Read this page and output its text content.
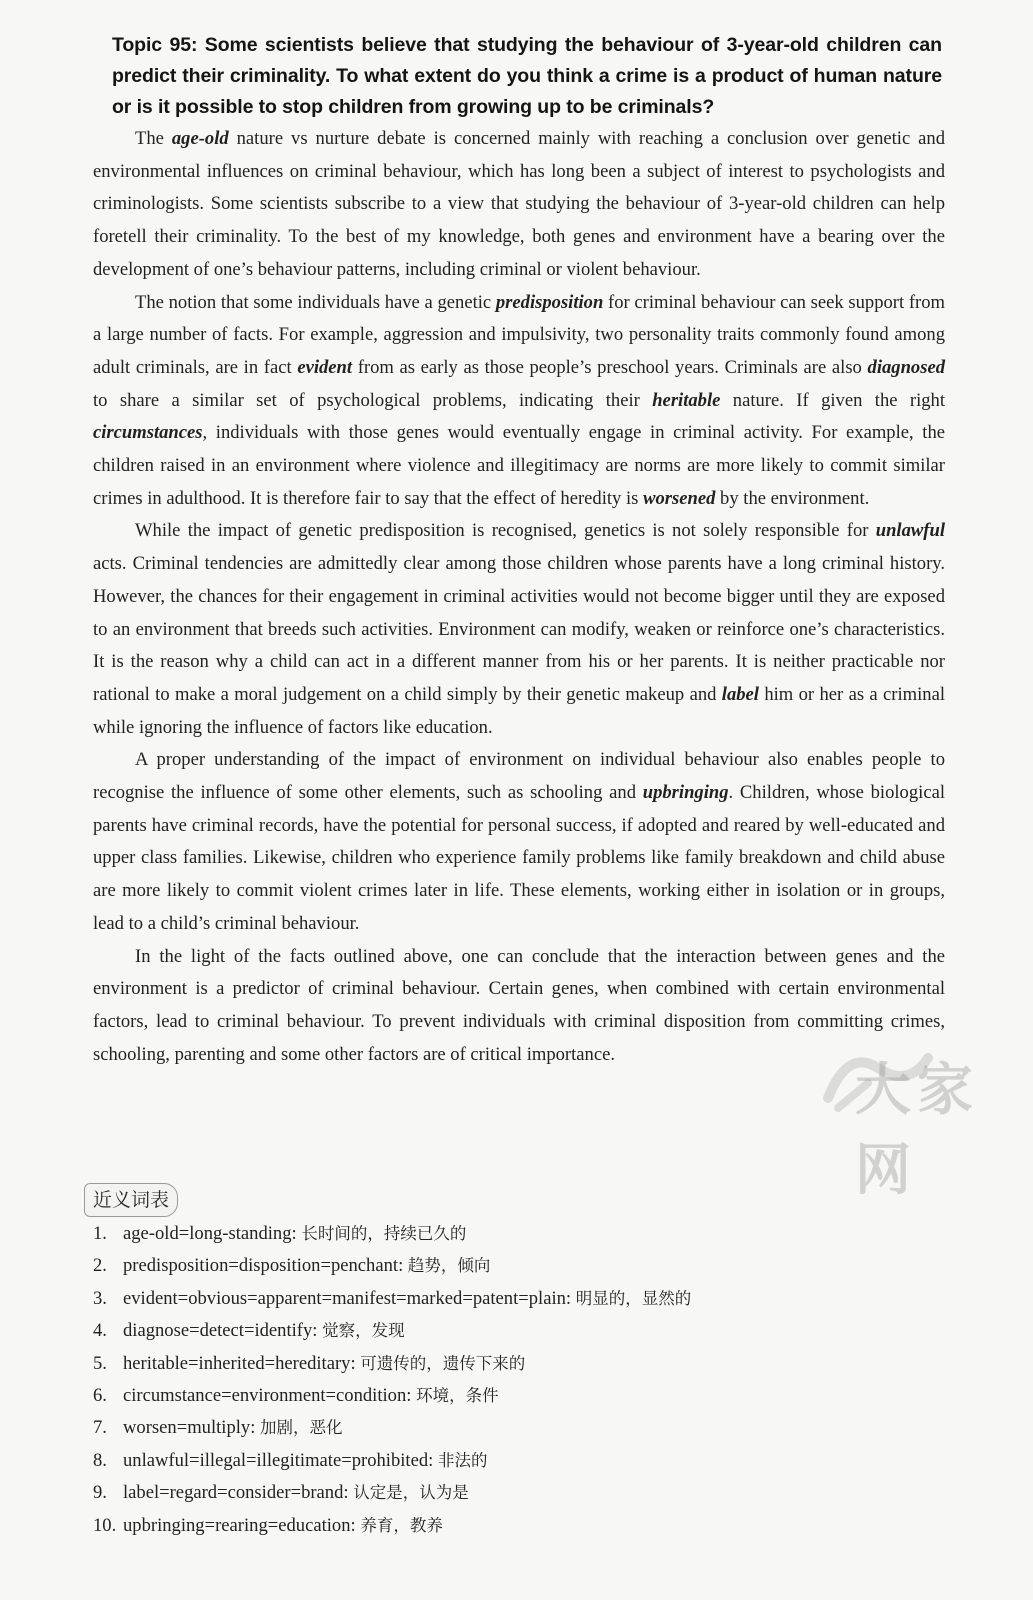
Topic 95: Some scientists believe that studying the behaviour of 3-year-old children can predict their criminality. To what extent do you think a crime is a product of human nature or is it possible to stop children from growing up to be criminals?

The age-old nature vs nurture debate is concerned mainly with reaching a conclusion over genetic and environmental influences on criminal behaviour, which has long been a subject of interest to psychologists and criminologists. Some scientists subscribe to a view that studying the behaviour of 3-year-old children can help foretell their criminality. To the best of my knowledge, both genes and environment have a bearing over the development of one’s behaviour patterns, including criminal or violent behaviour.

The notion that some individuals have a genetic predisposition for criminal behaviour can seek support from a large number of facts. For example, aggression and impulsivity, two personality traits commonly found among adult criminals, are in fact evident from as early as those people’s preschool years. Criminals are also diagnosed to share a similar set of psychological problems, indicating their heritable nature. If given the right circumstances, individuals with those genes would eventually engage in criminal activity. For example, the children raised in an environment where violence and illegitimacy are norms are more likely to commit similar crimes in adulthood. It is therefore fair to say that the effect of heredity is worsened by the environment.

While the impact of genetic predisposition is recognised, genetics is not solely responsible for unlawful acts. Criminal tendencies are admittedly clear among those children whose parents have a long criminal history. However, the chances for their engagement in criminal activities would not become bigger until they are exposed to an environment that breeds such activities. Environment can modify, weaken or reinforce one’s characteristics. It is the reason why a child can act in a different manner from his or her parents. It is neither practicable nor rational to make a moral judgement on a child simply by their genetic makeup and label him or her as a criminal while ignoring the influence of factors like education.

A proper understanding of the impact of environment on individual behaviour also enables people to recognise the influence of some other elements, such as schooling and upbringing. Children, whose biological parents have criminal records, have the potential for personal success, if adopted and reared by well-educated and upper class families. Likewise, children who experience family problems like family breakdown and child abuse are more likely to commit violent crimes later in life. These elements, working either in isolation or in groups, lead to a child’s criminal behaviour.

In the light of the facts outlined above, one can conclude that the interaction between genes and the environment is a predictor of criminal behaviour. Certain genes, when combined with certain environmental factors, lead to criminal behaviour. To prevent individuals with criminal disposition from committing crimes, schooling, parenting and some other factors are of critical importance.

近义词表
1. age-old=long-standing: 长时间的，持续已久的
2. predisposition=disposition=penchant: 趋势，倾向
3. evident=obvious=apparent=manifest=marked=patent=plain: 明显的，显然的
4. diagnose=detect=identify: 觉察，发现
5. heritable=inherited=hereditary: 可遗传的，遗传下来的
6. circumstance=environment=condition: 环境，条件
7. worsen=multiply: 加剧，恶化
8. unlawful=illegal=illegitimate=prohibited: 非法的
9. label=regard=consider=brand: 认定是，认为是
10. upbringing=rearing=education: 养育，教养
大家网
